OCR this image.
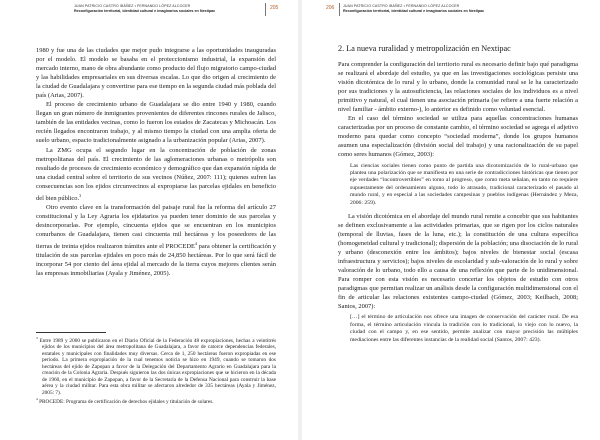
JUAN PATRICIO CASTRO IBÁÑEZ • FERNANDO LÓPEZ ALCOCER
Reconfiguración territorial, identidad cultural e imaginarios sociales en Nextipac	205

1980 y fue una de las ciudades que mejor pudo integrarse a las oportunidades inauguradas por el modelo. El modelo se basaba en el proteccionismo industrial, la expansión del mercado interno, mano de obra abundante como producto del flujo migratorio campo-ciudad y las habilidades empresariales en sus diversas escalas. Lo que dio origen al crecimiento de la ciudad de Guadalajara y convertirse para ese tiempo en la segunda ciudad más poblada del país (Arias, 2007).

El proceso de crecimiento urbano de Guadalajara se dio entre 1940 y 1980, cuando llegan un gran número de inmigrantes provenientes de diferentes rincones rurales de Jalisco, también de las entidades vecinas, como lo fueron los estados de Zacatecas y Michoacán. Los recién llegados encontraron trabajo, y al mismo tiempo la ciudad con una amplia oferta de suelo urbano, espacio tradicionalmente asignado a la urbanización popular (Arias, 2007).

La ZMG ocupa el segundo lugar en la concentración de población de zonas metropolitanas del país. El crecimiento de las aglomeraciones urbanas o metrópolis son resultado de procesos de crecimiento económico y demográfico que dan expansión rápida de una ciudad central sobre el territorio de sus vecinos (Núñez, 2007: 111); quienes sufren las consecuencias son los ejidos circunvecinos al expropiarse las parcelas ejidales en beneficio del bien público.$^3$

Otro evento clave en la transformación del paisaje rural fue la reforma del artículo 27 constitucional y la Ley Agraria los ejidatarios ya pueden tener dominio de sus parcelas y desincorporarlas. Por ejemplo, cincuenta ejidos que se encuentran en los municipios conurbanos de Guadalajara, tienen casi cincuenta mil hectáreas y los poseedores de las tierras de treinta ejidos realizaron trámites ante el PROCEDE$^4$ para obtener la certificación y titulación de sus parcelas ejidales en poco más de 24,850 hectáreas. Por lo que será fácil de incorporar 54 por ciento del área ejidal al mercado de la tierra cuyos mejores clientes serán las empresas inmobiliarias (Ayala y Jiménez, 2005).

$^3$ Entre 1989 y 2000 se publicaron en el Diario Oficial de la Federación 48 expropiaciones, hechas a veintitrés ejidos de los municipios del área metropolitana de Guadalajara, a favor de catorce dependencias federales, estatales y municipales con finalidades muy diversas. Cerca de 1, 250 hectáreas fueron expropiadas en ese periodo. La primera expropiación de la cual tenemos noticia se hizo en 1949, cuando se tomaron dos hectáreas del ejido de Zapopan a favor de la Delegación del Departamento Agrario en Guadalajara para la creación de la Colonia Agraria. Después siguieron las dos únicas expropiaciones que se hicieron en la década de 1960, en el municipio de Zapopan, a favor de la Secretaría de la Defensa Nacional para construir la base aérea y la ciudad militar. Para esta obra militar se afectaron alrededor de 335 hectáreas (Ayala y Jiménez, 2005: 7).

$^4$ PROCEDE: Programa de certificación de derechos ejidales y titulación de solares.

206 JUAN PATRICIO CASTRO IBÁÑEZ • FERNANDO LÓPEZ ALCOCER
Reconfiguración territorial, identidad cultural e imaginarios sociales en Nextipac
2. La nueva ruralidad y metropolización en Nextipac

Para comprender la configuración del territorio rural es necesario definir bajo qué paradigma se realizará el abordaje del estudio, ya que en las investigaciones sociológicas persiste una visión dicotómica de lo rural y lo urbano, donde la comunidad rural se le ha caracterizado por sus tradiciones y la autosuficiencia, las relaciones sociales de los individuos es a nivel primitivo y natural, el cual tienen una asociación primaria (se refiere a una fuerte relación a nivel familiar - ámbito externo-), lo anterior es definido como voluntad esencial.

En el caso del término sociedad se utiliza para aquellas concentraciones humanas caracterizadas por un proceso de constante cambio, el término sociedad se agrega el adjetivo moderno para quedar como concepto “sociedad moderna”, donde los grupos humanos asumen una especialización (división social del trabajo) y una racionalización de su papel como seres humanos (Gómez, 2003):

Las ciencias sociales tienen como punto de partida una dicotomización de lo rural-urbano que plantea una polarización que se manifiesta en una serie de contradicciones históricas que tienen por eje verdades “incontrovertibles” en tomo al progreso, que como meta señalan, en tanto no requiere supuestamente del ordenamiento alguno, todo lo atrasado, tradicional caracterizado el pasado al mundo rural, y en especial a las sociedades campesinas y pueblos indígenas (Hernández y Meza, 2006: 259).

La visión dicotómica en el abordaje del mundo rural remite a concebir que sus habitantes se definen exclusivamente a las actividades primarias, que se rigen por los ciclos naturales (temporal de lluvias, fases de la luna, etc.); la constitución de una cultura específica (homogeneidad cultural y tradicional); dispersión de la población; una disociación de lo rural y urbano (desconexión entre los ámbitos); bajos niveles de bienestar social (escasa infraestructura y servicios); bajos niveles de escolaridad y sub-valoración de lo rural y sobre valoración de lo urbano, todo ello a causa de una reflexión que parte de lo unidimensional. Para romper con esta visión es necesario concertar los objetos de estudio con otros paradigmas que permitan realizar un análisis desde la configuración multidimensional con el fin de articular las relaciones existentes campo-ciudad (Gómez, 2003; Keilbach, 2008; Santos, 2007):

[…] el término de articulación nos ofrece una imagen de conservación del carácter rural. De esa forma, el término articulación vincula la tradición con lo tradicional, lo viejo con lo nuevo, la ciudad con el campo y, en ese sentido, permite analizar con mayor precisión las múltiples mediaciones entre las diferentes instancias de la realidad social (Santos, 2007: 423).
